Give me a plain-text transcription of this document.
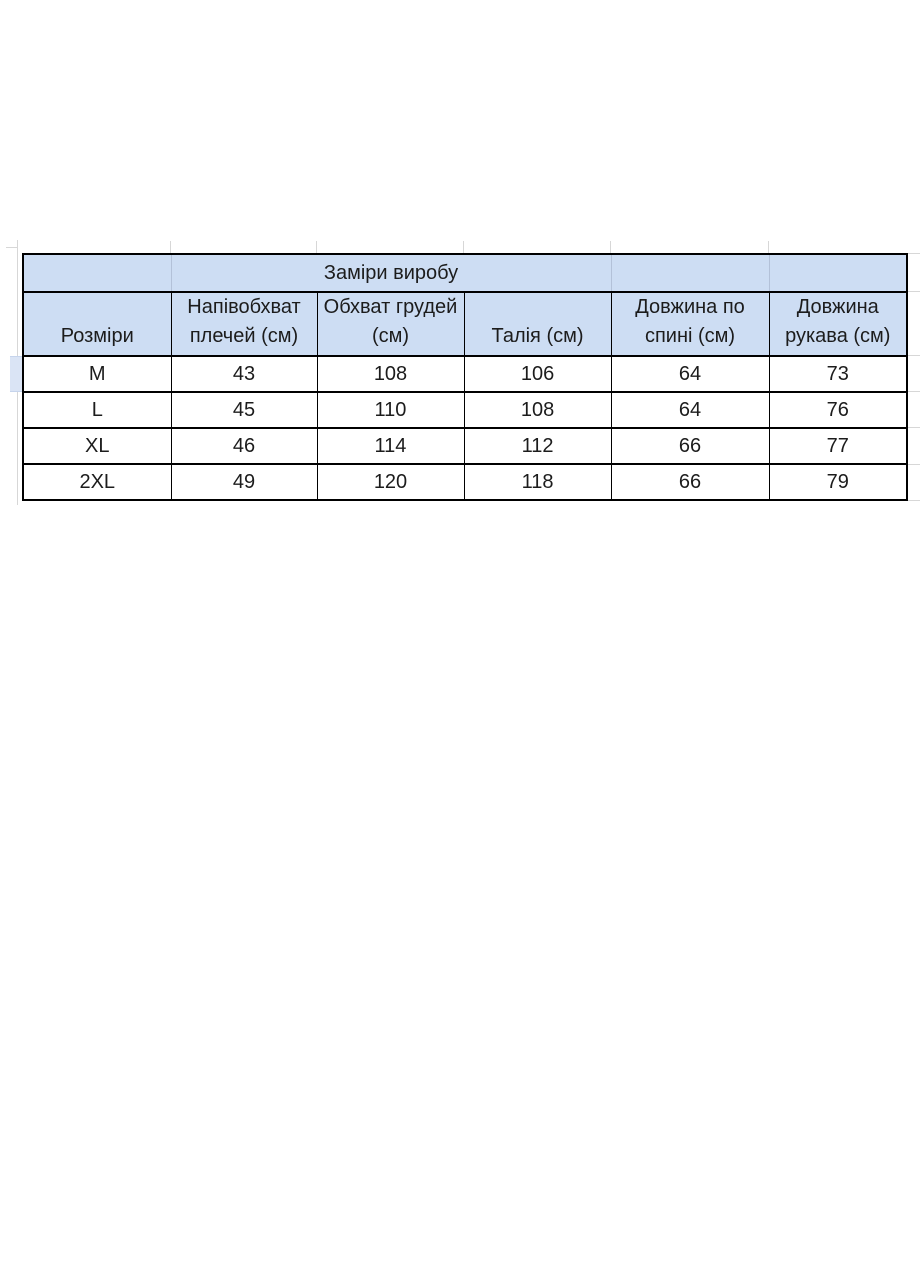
	Заміри виробу				
Розміри	Напівобхват плечей (см)	Обхват грудей (см)	Талія (см)	Довжина по спині (см)	Довжина рукава (см)
M	43	108	106	64	73
L	45	110	108	64	76
XL	46	114	112	66	77
2XL	49	120	118	66	79
